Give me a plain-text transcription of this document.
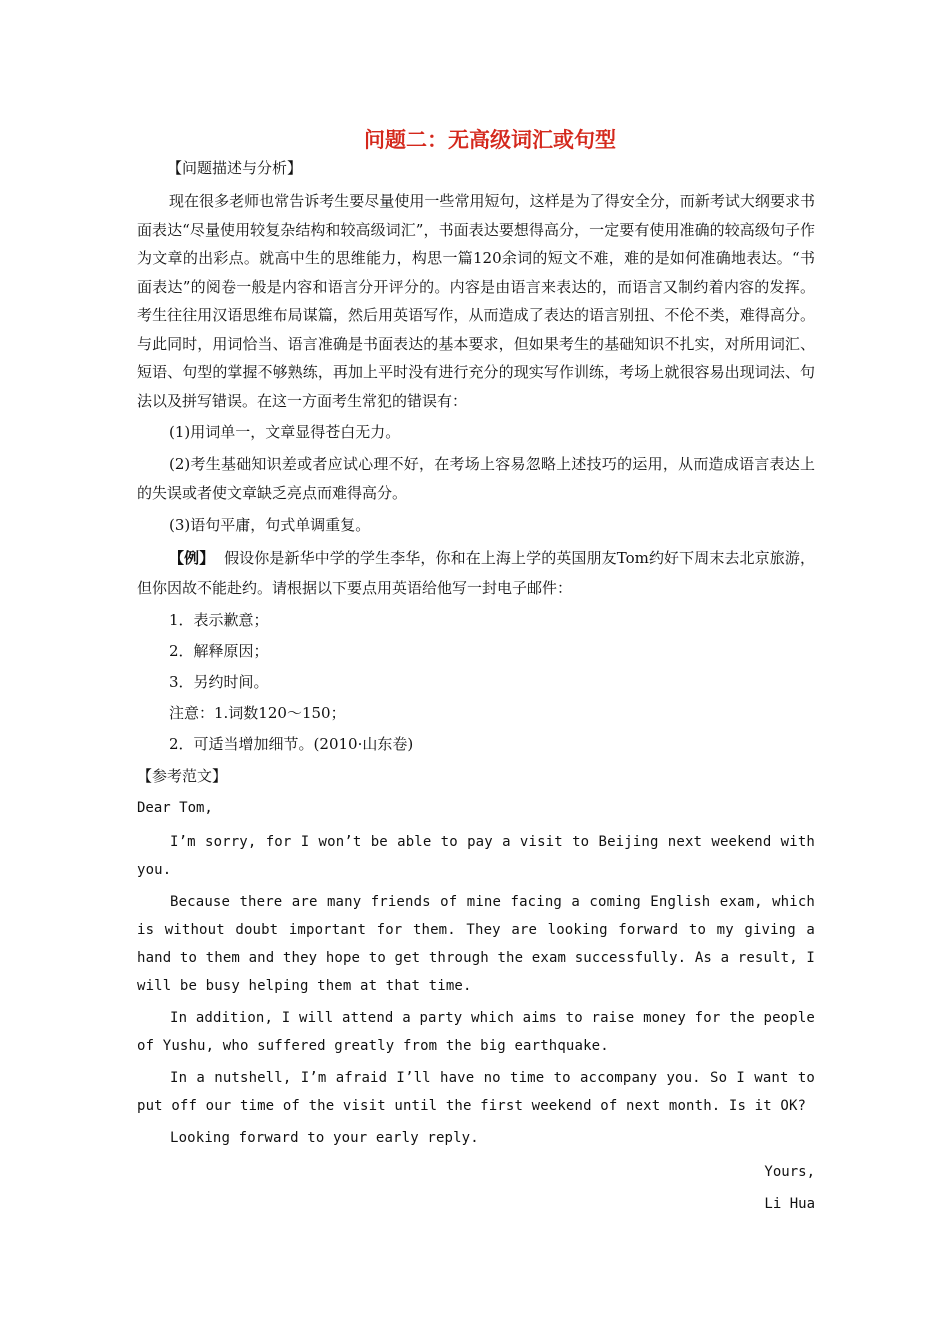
问题二：无高级词汇或句型

【问题描述与分析】

现在很多老师也常告诉考生要尽量使用一些常用短句，这样是为了得安全分，而新考试大纲要求书面表达“尽量使用较复杂结构和较高级词汇”，书面表达要想得高分，一定要有使用准确的较高级句子作为文章的出彩点。就高中生的思维能力，构思一篇120余词的短文不难，难的是如何准确地表达。“书面表达”的阅卷一般是内容和语言分开评分的。内容是由语言来表达的，而语言又制约着内容的发挥。考生往往用汉语思维布局谋篇，然后用英语写作，从而造成了表达的语言别扭、不伦不类，难得高分。与此同时，用词恰当、语言准确是书面表达的基本要求，但如果考生的基础知识不扎实，对所用词汇、短语、句型的掌握不够熟练，再加上平时没有进行充分的现实写作训练，考场上就很容易出现词法、句法以及拼写错误。在这一方面考生常犯的错误有：

(1)用词单一，文章显得苍白无力。

(2)考生基础知识差或者应试心理不好，在考场上容易忽略上述技巧的运用，从而造成语言表达上的失误或者使文章缺乏亮点而难得高分。

(3)语句平庸，句式单调重复。

【例】 假设你是新华中学的学生李华，你和在上海上学的英国朋友Tom约好下周末去北京旅游，但你因故不能赴约。请根据以下要点用英语给他写一封电子邮件：

1．表示歉意；

2．解释原因；

3．另约时间。

注意：1.词数120～150；

2．可适当增加细节。(2010·山东卷)

【参考范文】

Dear Tom,

I’m sorry, for I won’t be able to pay a visit to Beijing next weekend with you.

Because there are many friends of mine facing a coming English exam, which is without doubt important for them. They are looking forward to my giving a hand to them and they hope to get through the exam successfully. As a result, I will be busy helping them at that time.

In addition, I will attend a party which aims to raise money for the people of Yushu, who suffered greatly from the big earthquake.

In a nutshell, I’m afraid I’ll have no time to accompany you. So I want to put off our time of the visit until the first weekend of next month. Is it OK?

Looking forward to your early reply.

Yours,

Li Hua
